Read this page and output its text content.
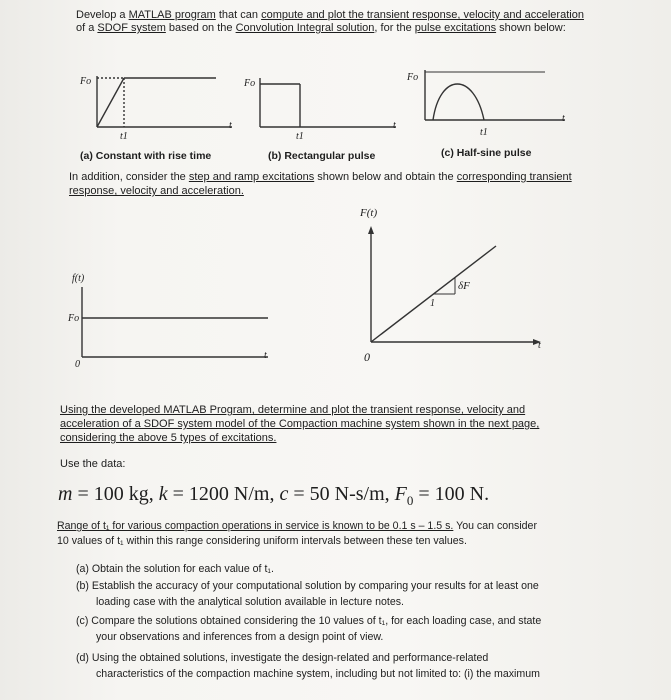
Develop a MATLAB program that can compute and plot the transient response, velocity and acceleration
of a SDOF system based on the Convolution Integral solution, for the pulse excitations shown below:
Fo
t1
t
Fo
t1
t
Fo
t1
t
(a) Constant with rise time	(b) Rectangular pulse	(c) Half-sine pulse
In addition, consider the step and ramp excitations shown below and obtain the corresponding transient
response, velocity and acceleration.
f(t)
Fo
0
t
F(t)
δF
1
0
t
Using the developed MATLAB Program, determine and plot the transient response, velocity and
acceleration of a SDOF system model of the Compaction machine system shown in the next page,
considering the above 5 types of excitations.
Use the data:
m = 100 kg, k = 1200 N/m, c = 50 N-s/m, $F_0 = 100$ N.
Range of t₁ for various compaction operations in service is known to be 0.1 s – 1.5 s. You can consider
10 values of t₁ within this range considering uniform intervals between these ten values.
(a) Obtain the solution for each value of t₁.
(b) Establish the accuracy of your computational solution by comparing your results for at least one
loading case with the analytical solution available in lecture notes.
(c) Compare the solutions obtained considering the 10 values of t₁, for each loading case, and state
your observations and inferences from a design point of view.
(d) Using the obtained solutions, investigate the design-related and performance-related
characteristics of the compaction machine system, including but not limited to: (i) the maximum
